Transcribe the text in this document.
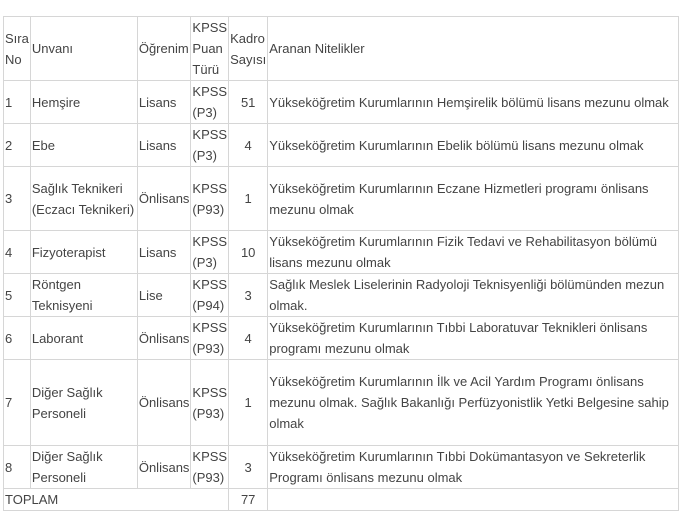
Sıra No	Unvanı	Öğrenim	KPSS Puan Türü	Kadro Sayısı	Aranan Nitelikler
1	Hemşire	Lisans	KPSS (P3)	51	Yükseköğretim Kurumlarının Hemşirelik bölümü lisans mezunu olmak
2	Ebe	Lisans	KPSS (P3)	4	Yükseköğretim Kurumlarının Ebelik bölümü lisans mezunu olmak
3	Sağlık Teknikeri (Eczacı Teknikeri)	Önlisans	KPSS (P93)	1	Yükseköğretim Kurumlarının Eczane Hizmetleri programı önlisans mezunu olmak
4	Fizyoterapist	Lisans	KPSS (P3)	10	Yükseköğretim Kurumlarının Fizik Tedavi ve Rehabilitasyon bölümü lisans mezunu olmak
5	Röntgen Teknisyeni	Lise	KPSS (P94)	3	Sağlık Meslek Liselerinin Radyoloji Teknisyenliği bölümünden mezun olmak.
6	Laborant	Önlisans	KPSS (P93)	4	Yükseköğretim Kurumlarının Tıbbi Laboratuvar Teknikleri önlisans programı mezunu olmak
7	Diğer Sağlık Personeli	Önlisans	KPSS (P93)	1	Yükseköğretim Kurumlarının İlk ve Acil Yardım Programı önlisans mezunu olmak. Sağlık Bakanlığı Perfüzyonistlik Yetki Belgesine sahip olmak
8	Diğer Sağlık Personeli	Önlisans	KPSS (P93)	3	Yükseköğretim Kurumlarının Tıbbi Dokümantasyon ve Sekreterlik Programı önlisans mezunu olmak
TOPLAM				77	
